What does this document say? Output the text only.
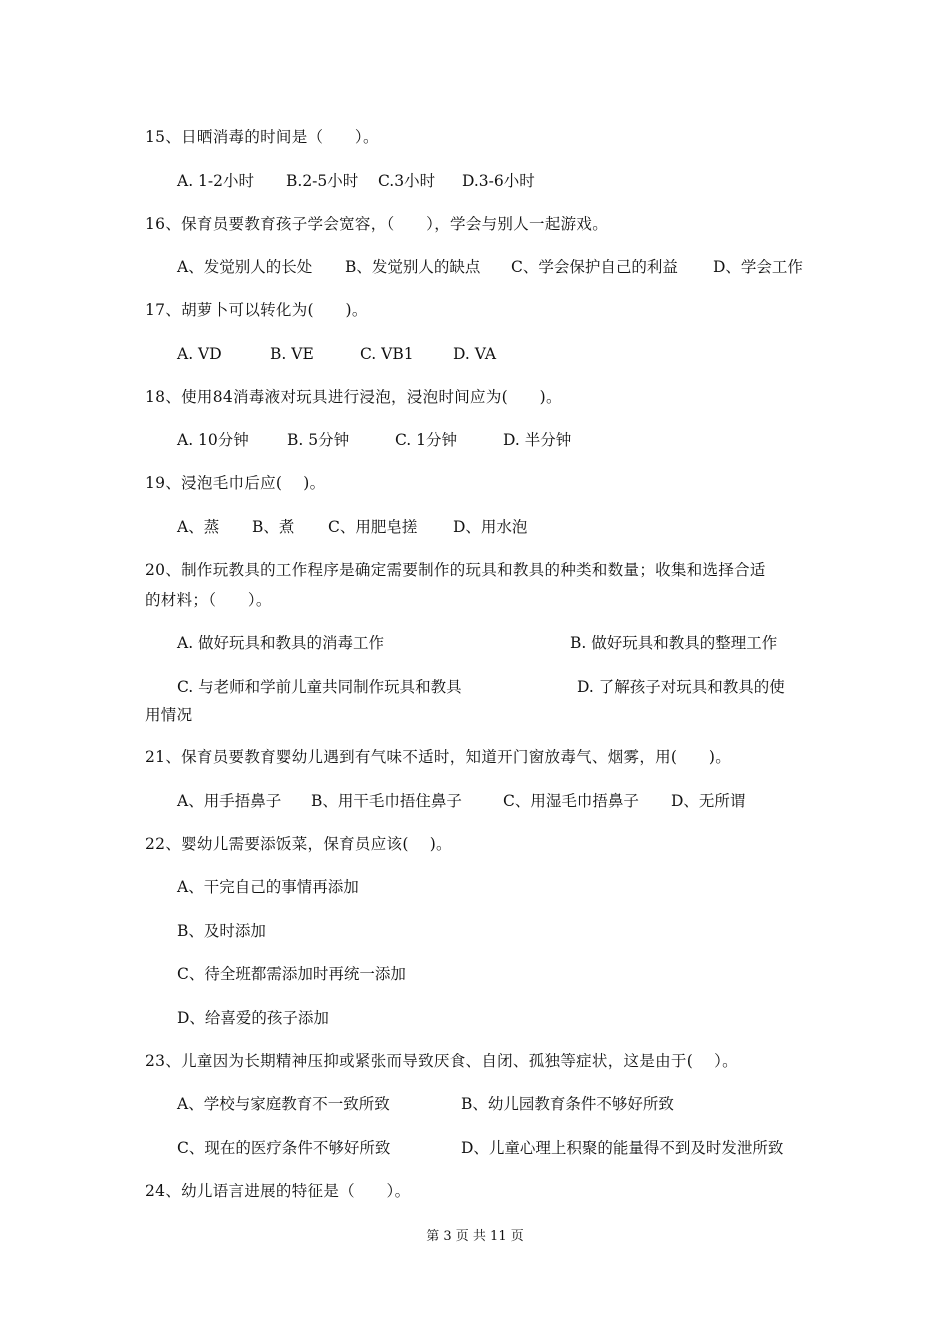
15、日晒消毒的时间是（　　）。
A. 1-2小时 B.2-5小时 C.3小时 D.3-6小时
16、保育员要教育孩子学会宽容，（　　），学会与别人一起游戏。
A、发觉别人的长处 B、发觉别人的缺点 C、学会保护自己的利益 D、学会工作
17、胡萝卜可以转化为(　　)。
A. VD	B. VE	C. VB1	D. VA
18、使用84消毒液对玩具进行浸泡，浸泡时间应为(　　)。
A. 10分钟 B. 5分钟	C. 1分钟	D. 半分钟
19、浸泡毛巾后应(　 )。
A、蒸 B、煮 C、用肥皂搓 D、用水泡
20、制作玩教具的工作程序是确定需要制作的玩具和教具的种类和数量；收集和选择合适
的材料；（　　）。
A. 做好玩具和教具的消毒工作	B. 做好玩具和教具的整理工作
C. 与老师和学前儿童共同制作玩具和教具	D. 了解孩子对玩具和教具的使
用情况
21、保育员要教育婴幼儿遇到有气味不适时，知道开门窗放毒气、烟雾，用(　　)。
A、用手捂鼻子 B、用干毛巾捂住鼻子	C、用湿毛巾捂鼻子 D、无所谓
22、婴幼儿需要添饭菜，保育员应该(　 )。
A、干完自己的事情再添加
B、及时添加
C、待全班都需添加时再统一添加
D、给喜爱的孩子添加
23、儿童因为长期精神压抑或紧张而导致厌食、自闭、孤独等症状，这是由于(　 ）。
A、学校与家庭教育不一致所致	B、幼儿园教育条件不够好所致
C、现在的医疗条件不够好所致	D、儿童心理上积聚的能量得不到及时发泄所致
24、幼儿语言进展的特征是（　　）。
第 3 页 共 11 页
